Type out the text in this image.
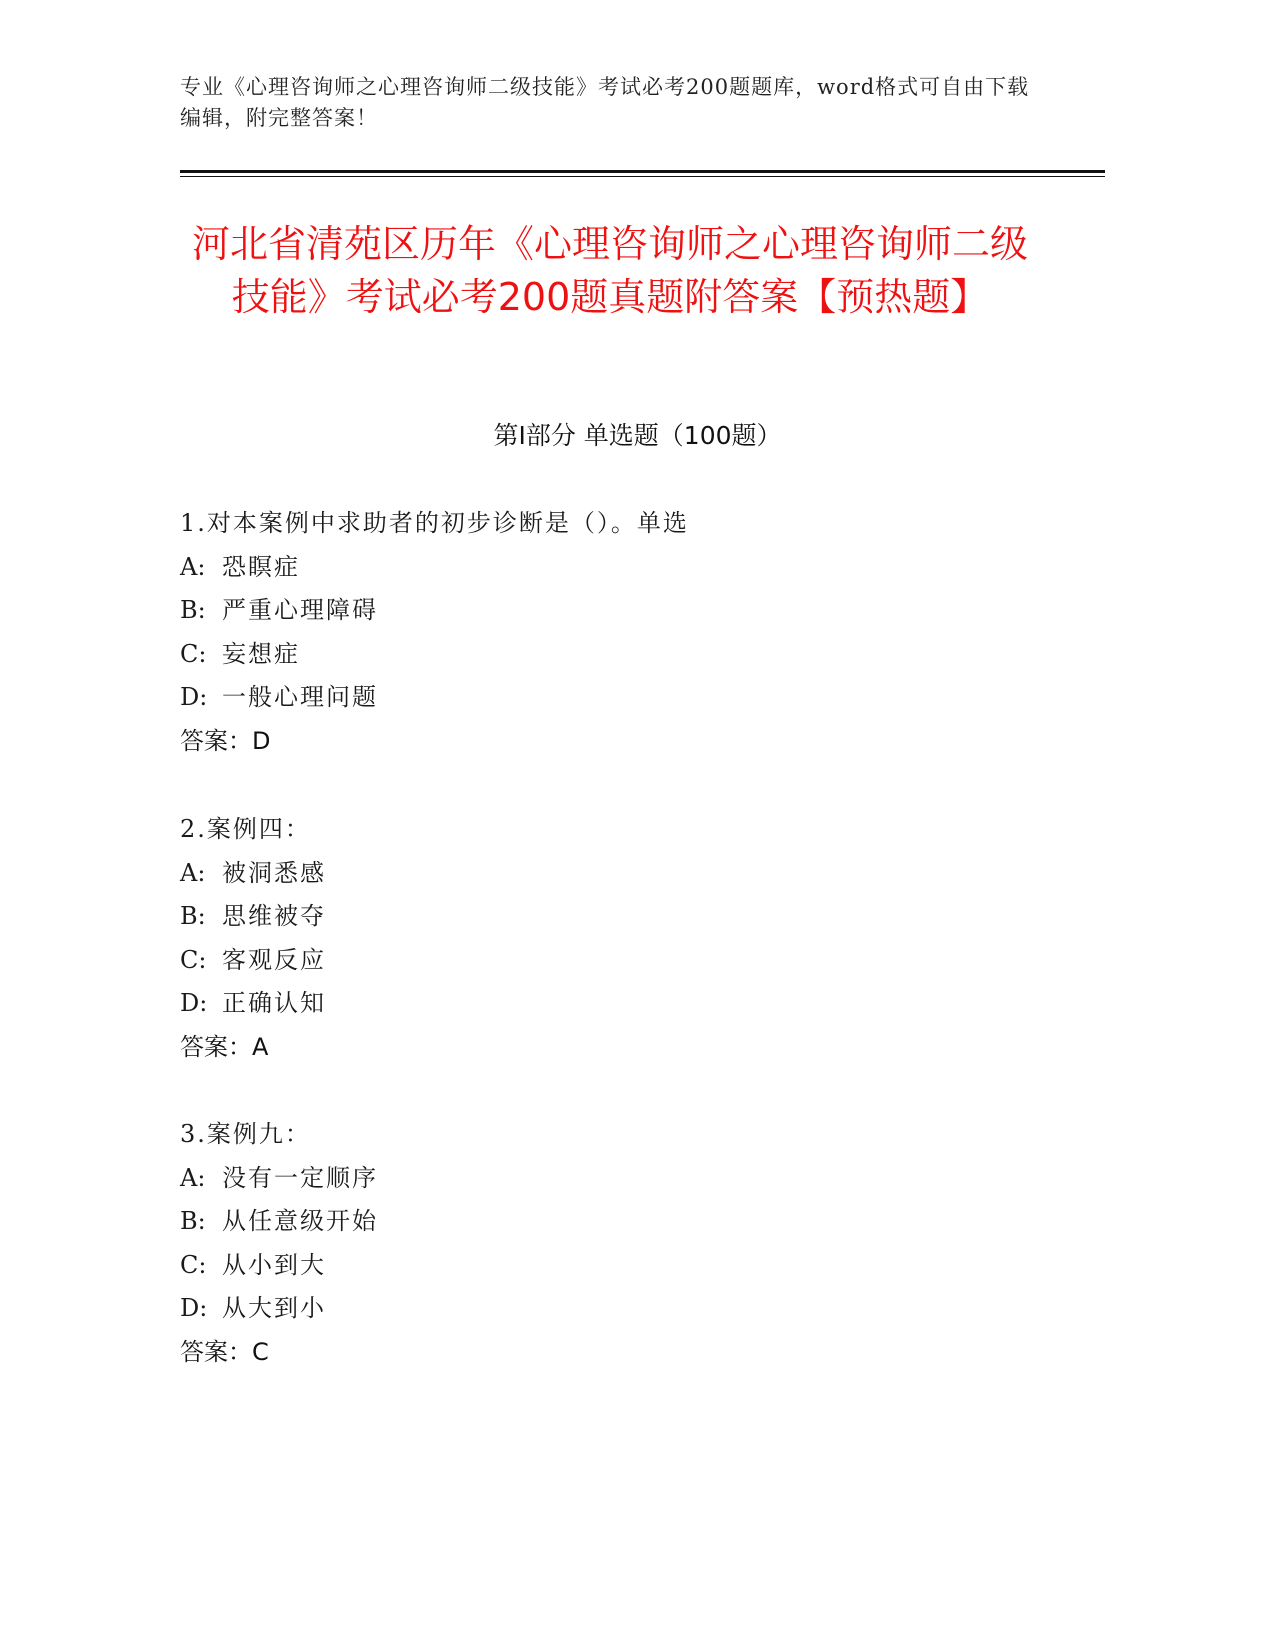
专业《心理咨询师之心理咨询师二级技能》考试必考200题题库，word格式可自由下载编辑，附完整答案！
河北省清苑区历年《心理咨询师之心理咨询师二级技能》考试必考200题真题附答案【预热题】
第I部分 单选题（100题）
1.对本案例中求助者的初步诊断是（）。单选
A: 恐瞑症
B: 严重心理障碍
C: 妄想症
D: 一般心理问题
答案：D
2.案例四：
A: 被洞悉感
B: 思维被夺
C: 客观反应
D: 正确认知
答案：A
3.案例九：
A: 没有一定顺序
B: 从任意级开始
C: 从小到大
D: 从大到小
答案：C
